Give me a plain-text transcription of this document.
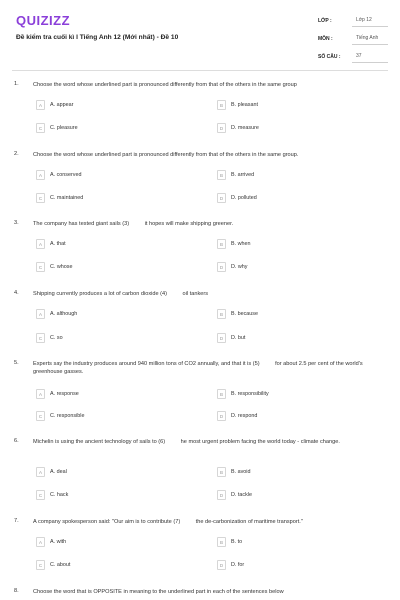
QUIZIZZ
Đề kiểm tra cuối kì I Tiếng Anh 12 (Mới nhất) - Đề 10
LỚP :	Lớp 12
MÔN :	Tiếng Anh
SỐ CÂU :	37
1.	Choose the word whose underlined part is pronounced differently from that of the others in the same group
A	A. appear	B	B. pleasant
C	C. pleasure	D	D. measure
2.	Choose the word whose underlined part is pronounced differently from that of the others in the same group.
A	A. conserved	B	B. arrived
C	C. maintained	D	D. polluted
3.	The company has tested giant sails (3)          it hopes will make shipping greener.
A	A. that	B	B. when
C	C. whose	D	D. why
4.	Shipping currently produces a lot of carbon dioxide (4)          oil tankers
A	A. although	B	B. because
C	C. so	D	D. but
5.	Experts say the industry produces around 940 million tons of CO2 annually, and that it is (5)          for about 2.5 per cent of the world's greenhouse gasses.
A	A. response	B	B. responsibility
C	C. responsible	D	D. respond
6.	Michelin is using the ancient technology of sails to (6)          he most urgent problem facing the world today - climate change.
A	A. deal	B	B. avoid
C	C. hack	D	D. tackle
7.	A company spokesperson said: "Our aim is to contribute (7)          the de-carbonization of maritime transport."
A	A. with	B	B. to
C	C. about	D	D. for
8.	Choose the word that is OPPOSITE in meaning to the underlined part in each of the sentences below
